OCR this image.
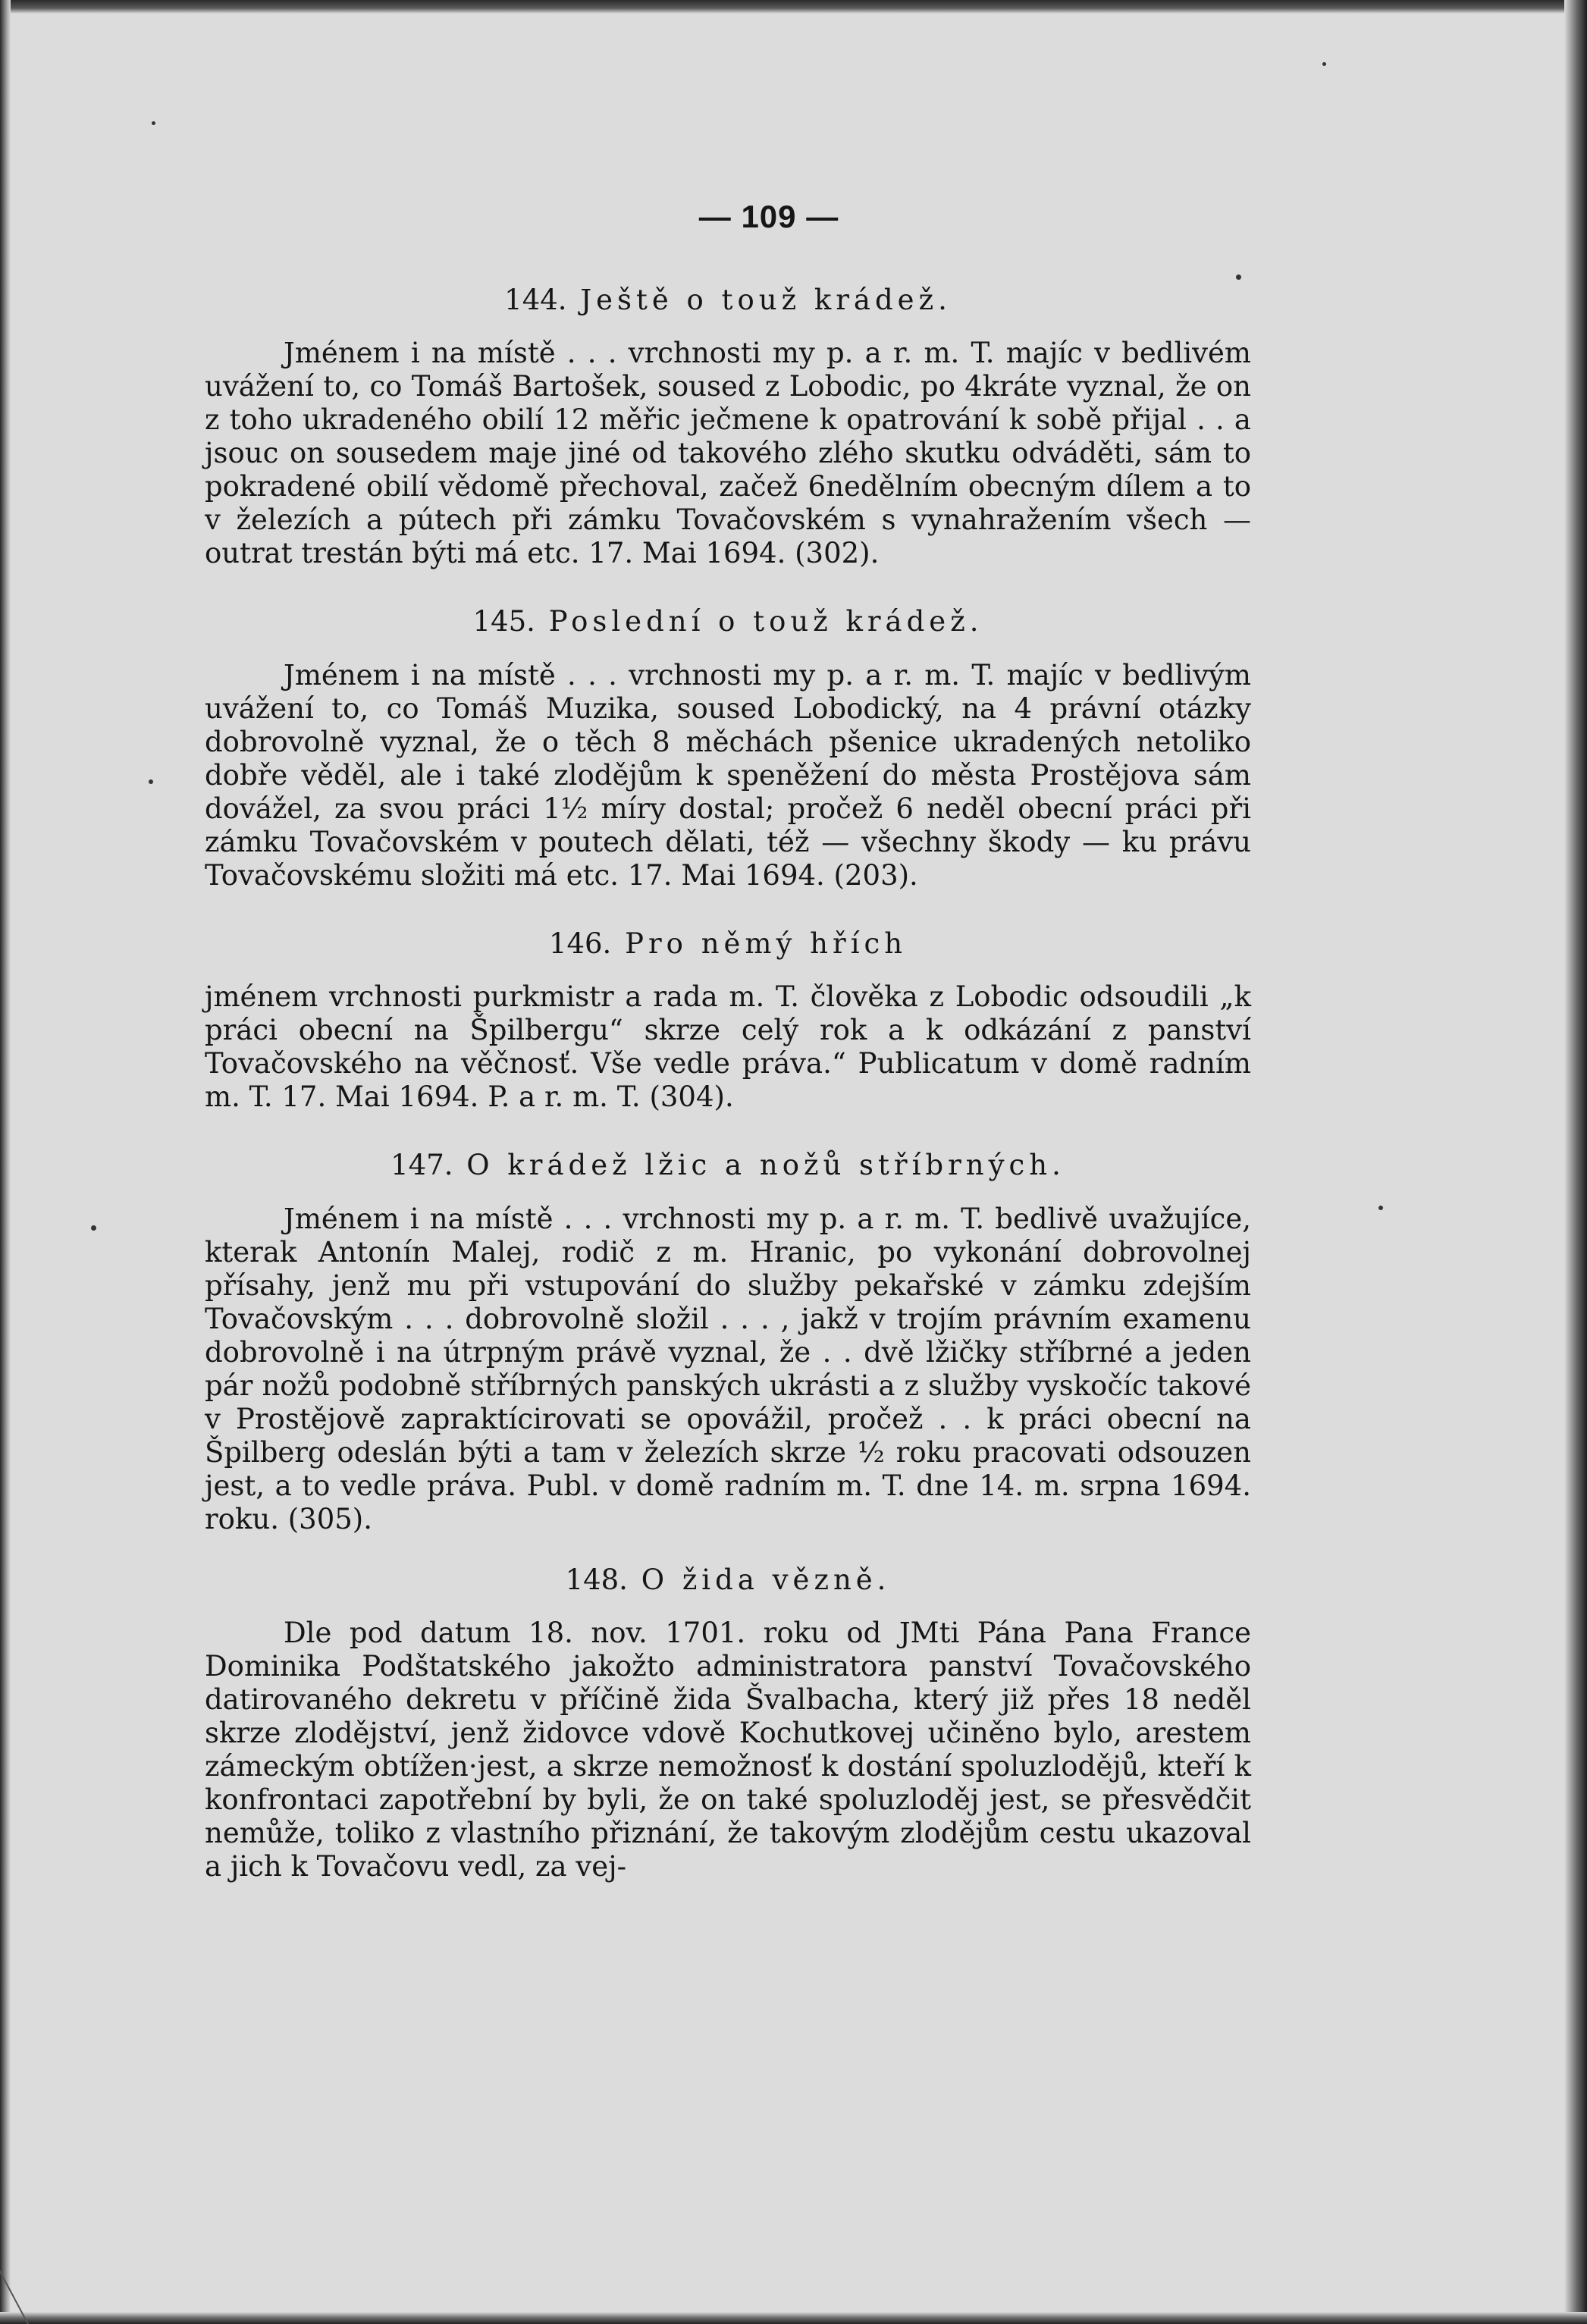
— 109 —
144. Ještě o touž krádež.

Jménem i na místě . . . vrchnosti my p. a r. m. T. majíc v bedlivém uvážení to, co Tomáš Bartošek, soused z Lobodic, po 4kráte vyznal, že on z toho ukradeného obilí 12 měřic ječmene k opatrování k sobě přijal . . a jsouc on sousedem maje jiné od takového zlého skutku odváděti, sám to pokradené obilí vědomě přechoval, začež 6nedělním obecným dílem a to v železích a pútech při zámku Tovačovském s vynahražením všech — outrat trestán býti má etc. 17. Mai 1694. (302).

145. Poslední o touž krádež.

Jménem i na místě . . . vrchnosti my p. a r. m. T. majíc v bedlivým uvážení to, co Tomáš Muzika, soused Lobodický, na 4 právní otázky dobrovolně vyznal, že o těch 8 měchách pšenice ukradených netoliko dobře věděl, ale i také zlodějům k speněžení do města Prostějova sám dovážel, za svou práci 1½ míry dostal; pročež 6 neděl obecní práci při zámku Tovačovském v poutech dělati, též — všechny škody — ku právu Tovačovskému složiti má etc. 17. Mai 1694. (203).

146. Pro němý hřích

jménem vrchnosti purkmistr a rada m. T. člověka z Lobodic odsoudili „k práci obecní na Špilbergu“ skrze celý rok a k odkázání z panství Tovačovského na věčnosť. Vše vedle práva.“ Publicatum v domě radním m. T. 17. Mai 1694. P. a r. m. T. (304).

147. O krádež lžic a nožů stříbrných.

Jménem i na místě . . . vrchnosti my p. a r. m. T. bedlivě uvažujíce, kterak Antonín Malej, rodič z m. Hranic, po vykonání dobrovolnej přísahy, jenž mu při vstupování do služby pekařské v zámku zdejším Tovačovským . . . dobrovolně složil . . . , jakž v trojím právním examenu dobrovolně i na útrpným právě vyznal, že . . dvě lžičky stříbrné a jeden pár nožů podobně stříbrných panských ukrásti a z služby vyskočíc takové v Prostějově zapraktícirovati se opovážil, pročež . . k práci obecní na Špilberg odeslán býti a tam v železích skrze ½ roku pracovati odsouzen jest, a to vedle práva. Publ. v domě radním m. T. dne 14. m. srpna 1694. roku. (305).

148. O žida vězně.

Dle pod datum 18. nov. 1701. roku od JMti Pána Pana France Dominika Podštatského jakožto administratora panství Tovačovského datirovaného dekretu v příčině žida Švalbacha, který již přes 18 neděl skrze zlodějství, jenž židovce vdově Kochutkovej učiněno bylo, arestem zámeckým obtížen·jest, a skrze nemožnosť k dostání spoluzlodějů, kteří k konfrontaci zapotřební by byli, že on také spoluzloděj jest, se přesvědčit nemůže, toliko z vlastního přiznání, že takovým zlodějům cestu ukazoval a jich k Tovačovu vedl, za vej-
